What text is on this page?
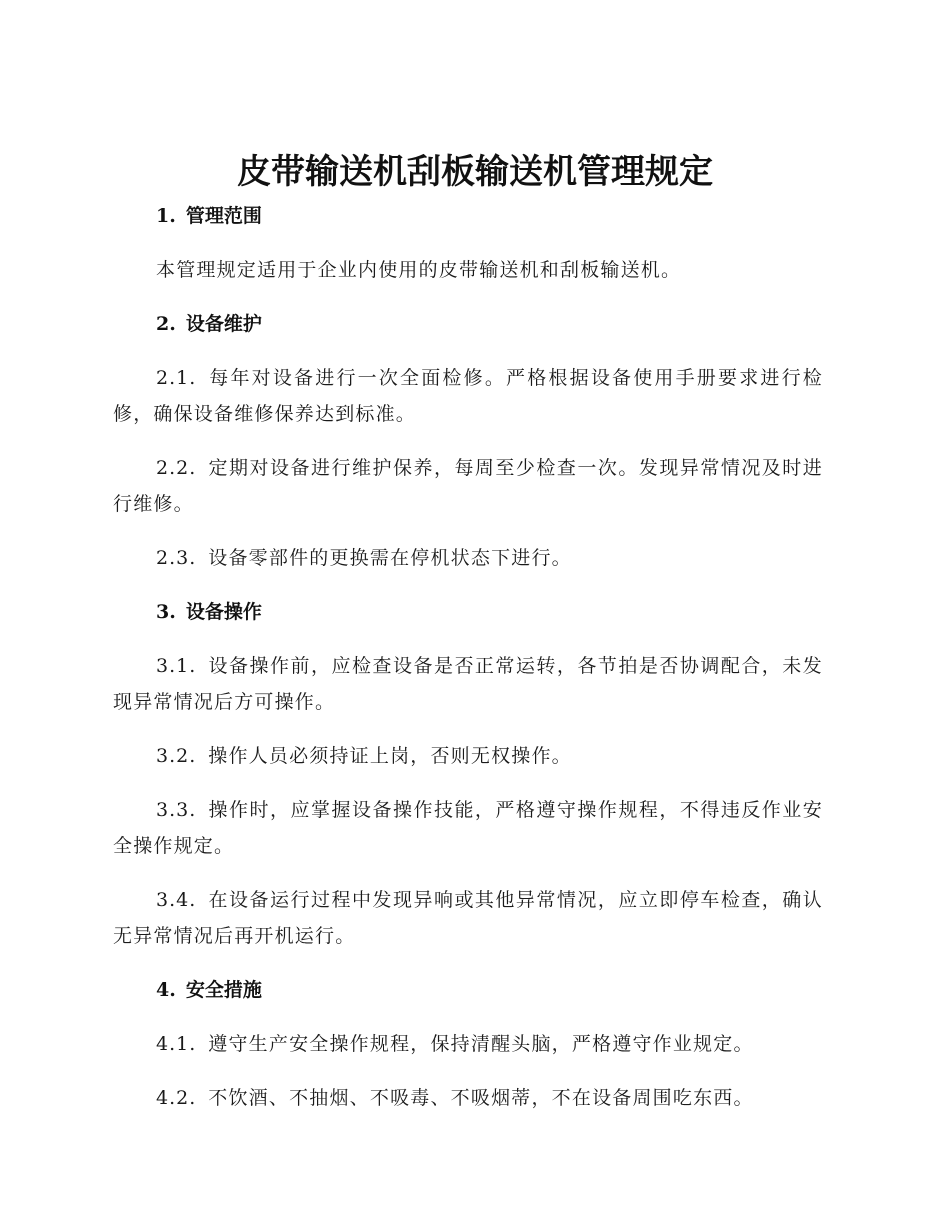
皮带输送机刮板输送机管理规定
1. 管理范围

本管理规定适用于企业内使用的皮带输送机和刮板输送机。

2. 设备维护

2.1. 每年对设备进行一次全面检修。严格根据设备使用手册要求进行检修，确保设备维修保养达到标准。

2.2. 定期对设备进行维护保养，每周至少检查一次。发现异常情况及时进行维修。

2.3. 设备零部件的更换需在停机状态下进行。

3. 设备操作

3.1. 设备操作前，应检查设备是否正常运转，各节拍是否协调配合，未发现异常情况后方可操作。

3.2. 操作人员必须持证上岗，否则无权操作。

3.3. 操作时，应掌握设备操作技能，严格遵守操作规程，不得违反作业安全操作规定。

3.4. 在设备运行过程中发现异响或其他异常情况，应立即停车检查，确认无异常情况后再开机运行。

4. 安全措施

4.1. 遵守生产安全操作规程，保持清醒头脑，严格遵守作业规定。

4.2. 不饮酒、不抽烟、不吸毒、不吸烟蒂，不在设备周围吃东西。
